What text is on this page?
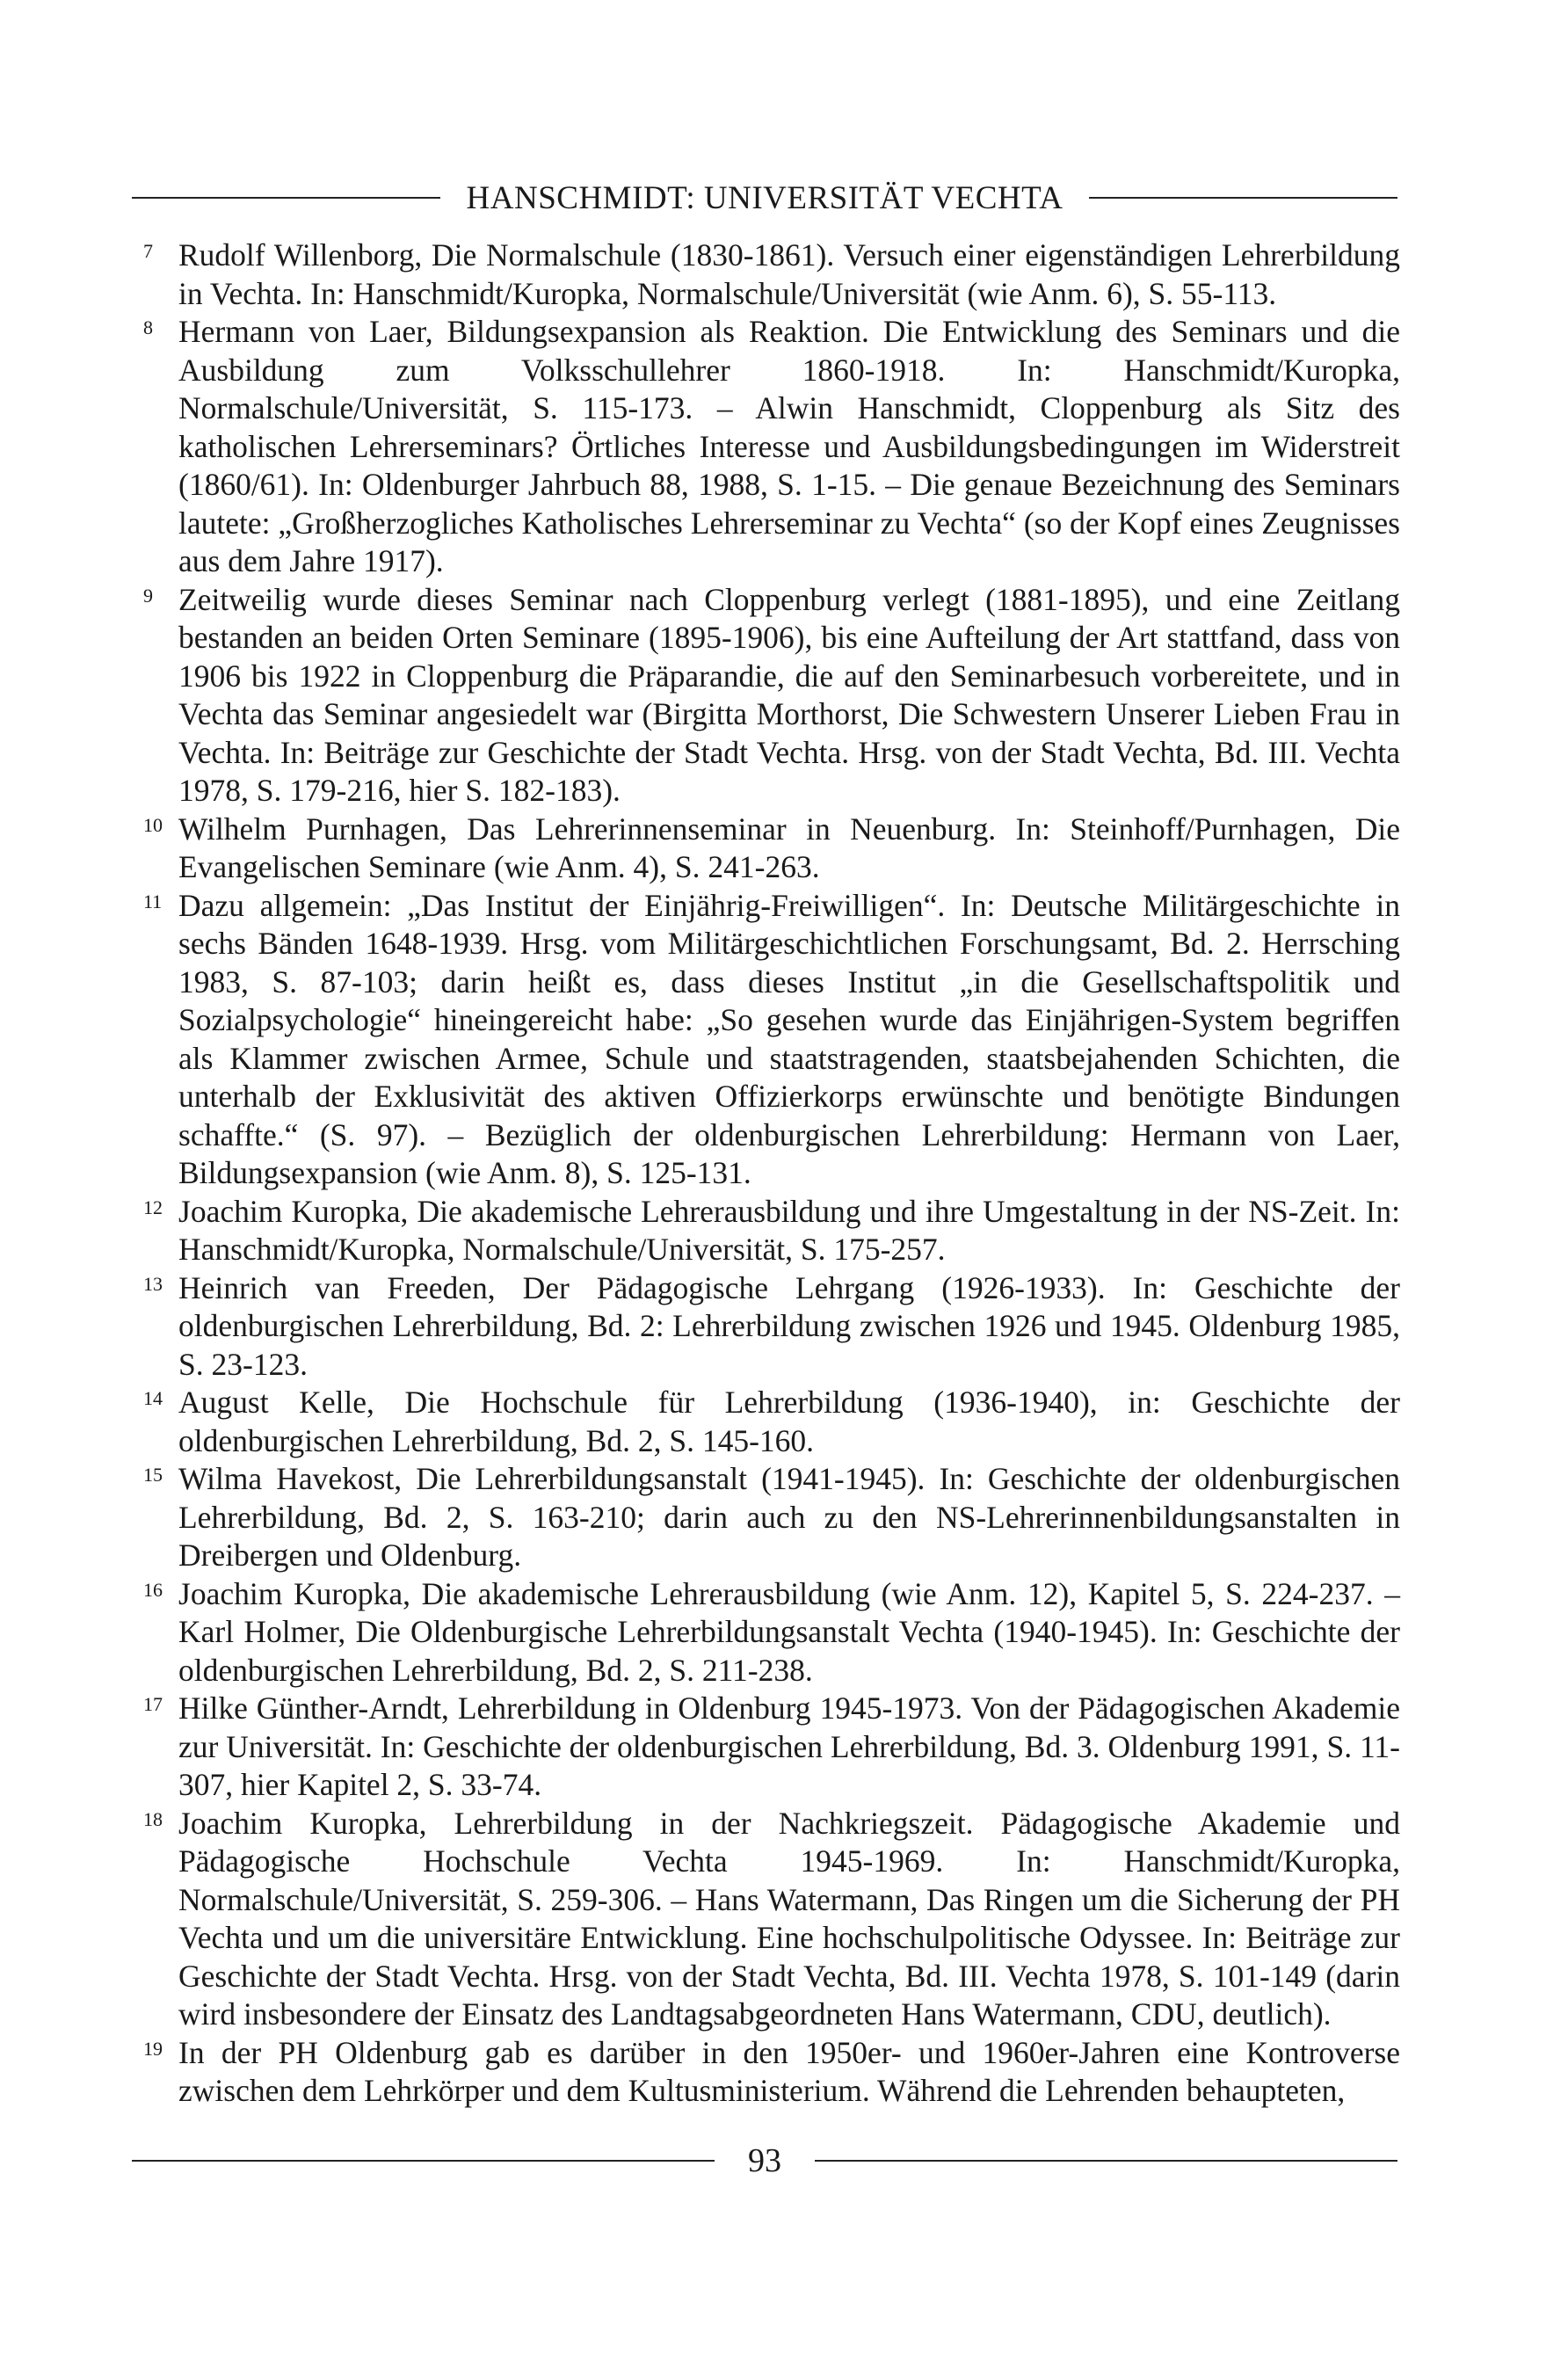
HANSCHMIDT: UNIVERSITÄT VECHTA
7 Rudolf Willenborg, Die Normalschule (1830-1861). Versuch einer eigenständigen Lehrerbildung in Vechta. In: Hanschmidt/Kuropka, Normalschule/Universität (wie Anm. 6), S. 55-113.
8 Hermann von Laer, Bildungsexpansion als Reaktion. Die Entwicklung des Seminars und die Ausbildung zum Volksschullehrer 1860-1918. In: Hanschmidt/Kuropka, Normalschule/Universität, S. 115-173. – Alwin Hanschmidt, Cloppenburg als Sitz des katholischen Lehrerseminars? Örtliches Interesse und Ausbildungsbedingungen im Widerstreit (1860/61). In: Oldenburger Jahrbuch 88, 1988, S. 1-15. – Die genaue Bezeichnung des Seminars lautete: „Großherzogliches Katholisches Lehrerseminar zu Vechta“ (so der Kopf eines Zeugnisses aus dem Jahre 1917).
9 Zeitweilig wurde dieses Seminar nach Cloppenburg verlegt (1881-1895), und eine Zeitlang bestanden an beiden Orten Seminare (1895-1906), bis eine Aufteilung der Art stattfand, dass von 1906 bis 1922 in Cloppenburg die Präparandie, die auf den Seminarbesuch vorbereitete, und in Vechta das Seminar angesiedelt war (Birgitta Morthorst, Die Schwestern Unserer Lieben Frau in Vechta. In: Beiträge zur Geschichte der Stadt Vechta. Hrsg. von der Stadt Vechta, Bd. III. Vechta 1978, S. 179-216, hier S. 182-183).
10 Wilhelm Purnhagen, Das Lehrerinnenseminar in Neuenburg. In: Steinhoff/Purnhagen, Die Evangelischen Seminare (wie Anm. 4), S. 241-263.
11 Dazu allgemein: „Das Institut der Einjährig-Freiwilligen“. In: Deutsche Militärgeschichte in sechs Bänden 1648-1939. Hrsg. vom Militärgeschichtlichen Forschungsamt, Bd. 2. Herrsching 1983, S. 87-103; darin heißt es, dass dieses Institut „in die Gesellschaftspolitik und Sozialpsychologie“ hineingereicht habe: „So gesehen wurde das Einjährigen-System begriffen als Klammer zwischen Armee, Schule und staatstragenden, staatsbejahenden Schichten, die unterhalb der Exklusivität des aktiven Offizierkorps erwünschte und benötigte Bindungen schaffte.“ (S. 97). – Bezüglich der oldenburgischen Lehrerbildung: Hermann von Laer, Bildungsexpansion (wie Anm. 8), S. 125-131.
12 Joachim Kuropka, Die akademische Lehrerausbildung und ihre Umgestaltung in der NS-Zeit. In: Hanschmidt/Kuropka, Normalschule/Universität, S. 175-257.
13 Heinrich van Freeden, Der Pädagogische Lehrgang (1926-1933). In: Geschichte der oldenburgischen Lehrerbildung, Bd. 2: Lehrerbildung zwischen 1926 und 1945. Oldenburg 1985, S. 23-123.
14 August Kelle, Die Hochschule für Lehrerbildung (1936-1940), in: Geschichte der oldenburgischen Lehrerbildung, Bd. 2, S. 145-160.
15 Wilma Havekost, Die Lehrerbildungsanstalt (1941-1945). In: Geschichte der oldenburgischen Lehrerbildung, Bd. 2, S. 163-210; darin auch zu den NS-Lehrerinnenbildungsanstalten in Dreibergen und Oldenburg.
16 Joachim Kuropka, Die akademische Lehrerausbildung (wie Anm. 12), Kapitel 5, S. 224-237. – Karl Holmer, Die Oldenburgische Lehrerbildungsanstalt Vechta (1940-1945). In: Geschichte der oldenburgischen Lehrerbildung, Bd. 2, S. 211-238.
17 Hilke Günther-Arndt, Lehrerbildung in Oldenburg 1945-1973. Von der Pädagogischen Akademie zur Universität. In: Geschichte der oldenburgischen Lehrerbildung, Bd. 3. Oldenburg 1991, S. 11-307, hier Kapitel 2, S. 33-74.
18 Joachim Kuropka, Lehrerbildung in der Nachkriegszeit. Pädagogische Akademie und Pädagogische Hochschule Vechta 1945-1969. In: Hanschmidt/Kuropka, Normalschule/Universität, S. 259-306. – Hans Watermann, Das Ringen um die Sicherung der PH Vechta und um die universitäre Entwicklung. Eine hochschulpolitische Odyssee. In: Beiträge zur Geschichte der Stadt Vechta. Hrsg. von der Stadt Vechta, Bd. III. Vechta 1978, S. 101-149 (darin wird insbesondere der Einsatz des Landtagsabgeordneten Hans Watermann, CDU, deutlich).
19 In der PH Oldenburg gab es darüber in den 1950er- und 1960er-Jahren eine Kontroverse zwischen dem Lehrkörper und dem Kultusministerium. Während die Lehrenden behaupteten,
93
